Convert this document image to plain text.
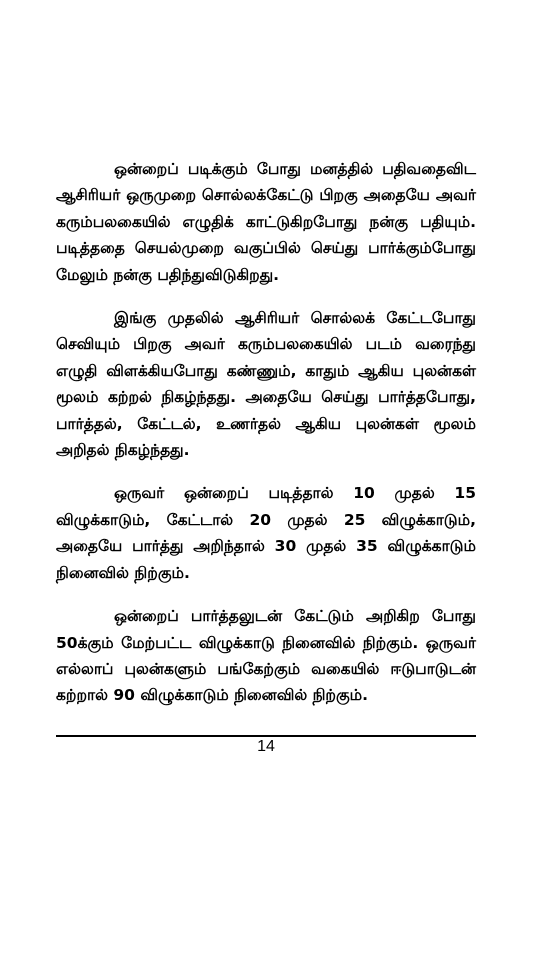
ஒன்றைப் படிக்கும் போது மனத்தில் பதிவதைவிட ஆசிரியர் ஒருமுறை சொல்லக்கேட்டு பிறகு அதையே அவர் கரும்பலகையில் எழுதிக் காட்டுகிறபோது நன்கு பதியும். படித்ததை செயல்முறை வகுப்பில் செய்து பார்க்கும்போது மேலும் நன்கு பதிந்துவிடுகிறது.

இங்கு முதலில் ஆசிரியர் சொல்லக் கேட்டபோது செவியும் பிறகு அவர் கரும்பலகையில் படம் வரைந்து எழுதி விளக்கியபோது கண்ணும், காதும் ஆகிய புலன்கள் மூலம் கற்றல் நிகழ்ந்தது. அதையே செய்து பார்த்தபோது, பார்த்தல், கேட்டல், உணர்தல் ஆகிய புலன்கள் மூலம் அறிதல் நிகழ்ந்தது.

ஒருவர் ஒன்றைப் படித்தால் 10 முதல் 15 விழுக்காடும், கேட்டால் 20 முதல் 25 விழுக்காடும், அதையே பார்த்து அறிந்தால் 30 முதல் 35 விழுக்காடும் நினைவில் நிற்கும்.

ஒன்றைப் பார்த்தலுடன் கேட்டும் அறிகிற போது 50க்கும் மேற்பட்ட விழுக்காடு நினைவில் நிற்கும். ஒருவர் எல்லாப் புலன்களும் பங்கேற்கும் வகையில் ஈடுபாடுடன் கற்றால் 90 விழுக்காடும் நினைவில் நிற்கும்.

14
